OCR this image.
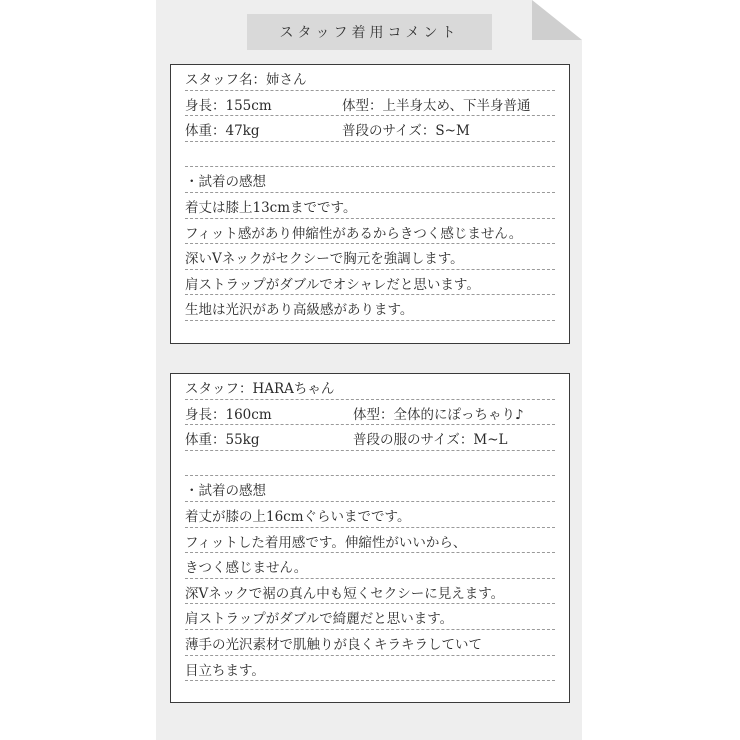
スタッフ着用コメント
スタッフ名：姉さん
身長：155cm	体型：上半身太め、下半身普通
体重：47kg	普段のサイズ：S~M
・試着の感想
着丈は膝上13cmまでです。
フィット感があり伸縮性があるからきつく感じません。
深いVネックがセクシーで胸元を強調します。
肩ストラップがダブルでオシャレだと思います。
生地は光沢があり高級感があります。
スタッフ：HARAちゃん
身長：160cm	体型：全体的にぽっちゃり♪
体重：55kg	普段の服のサイズ：M~L
・試着の感想
着丈が膝の上16cmぐらいまでです。
フィットした着用感です。伸縮性がいいから、
きつく感じません。
深Vネックで裾の真ん中も短くセクシーに見えます。
肩ストラップがダブルで綺麗だと思います。
薄手の光沢素材で肌触りが良くキラキラしていて
目立ちます。
